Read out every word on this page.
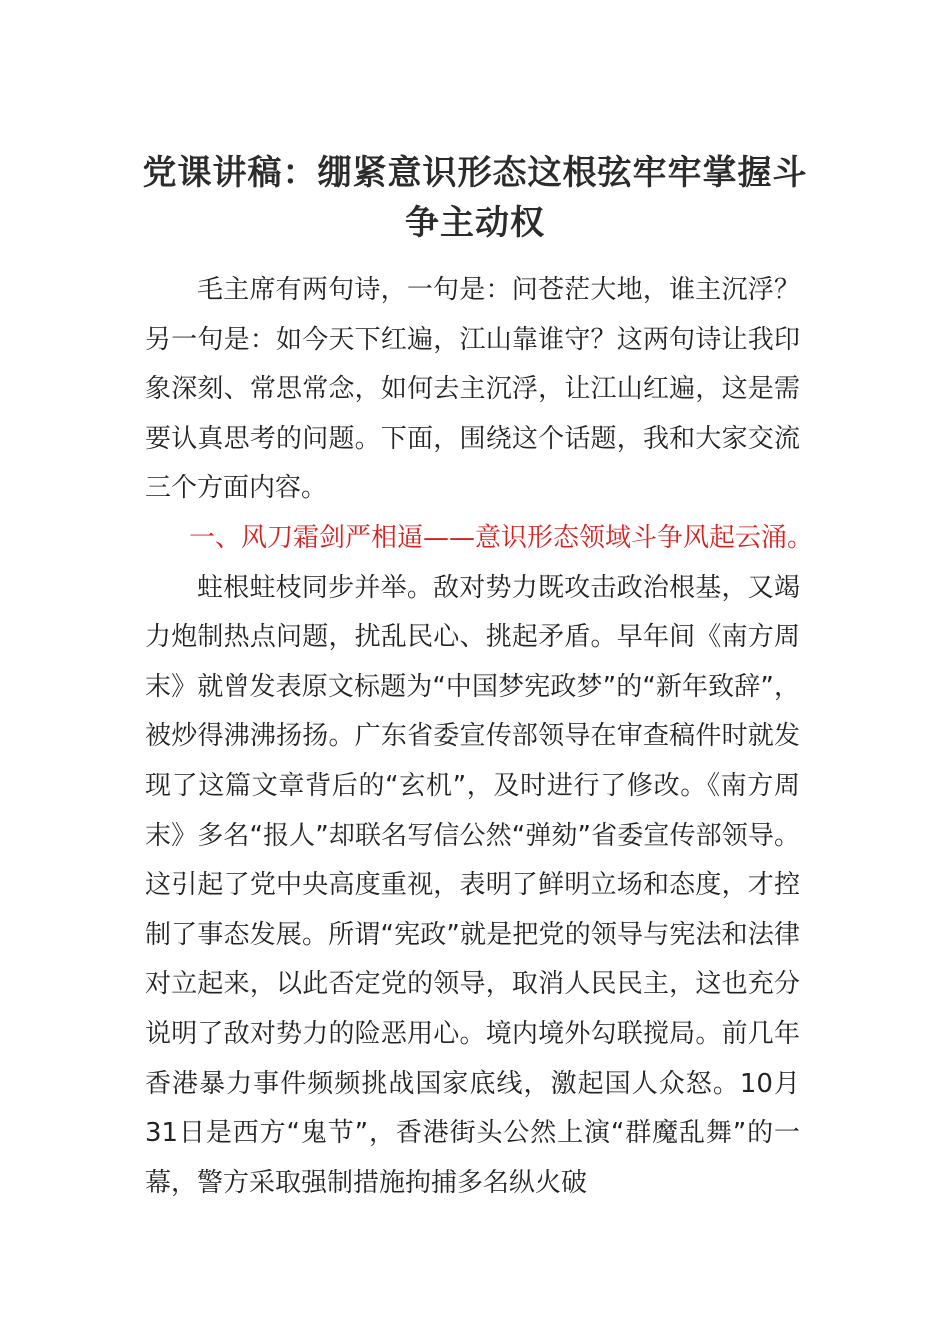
党课讲稿：绷紧意识形态这根弦牢牢掌握斗争主动权

毛主席有两句诗，一句是：问苍茫大地，谁主沉浮？另一句是：如今天下红遍，江山靠谁守？这两句诗让我印象深刻、常思常念，如何去主沉浮，让江山红遍，这是需要认真思考的问题。下面，围绕这个话题，我和大家交流三个方面内容。

一、风刀霜剑严相逼——意识形态领域斗争风起云涌。

蛀根蛀枝同步并举。敌对势力既攻击政治根基，又竭力炮制热点问题，扰乱民心、挑起矛盾。早年间《南方周末》就曾发表原文标题为“中国梦宪政梦”的“新年致辞”，被炒得沸沸扬扬。广东省委宣传部领导在审查稿件时就发现了这篇文章背后的“玄机”，及时进行了修改。《南方周末》多名“报人”却联名写信公然“弹劾”省委宣传部领导。这引起了党中央高度重视，表明了鲜明立场和态度，才控制了事态发展。所谓“宪政”就是把党的领导与宪法和法律对立起来，以此否定党的领导，取消人民民主，这也充分说明了敌对势力的险恶用心。境内境外勾联搅局。前几年香港暴力事件频频挑战国家底线，激起国人众怒。10月31日是西方“鬼节”，香港街头公然上演“群魔乱舞”的一幕，警方采取强制措施拘捕多名纵火破
